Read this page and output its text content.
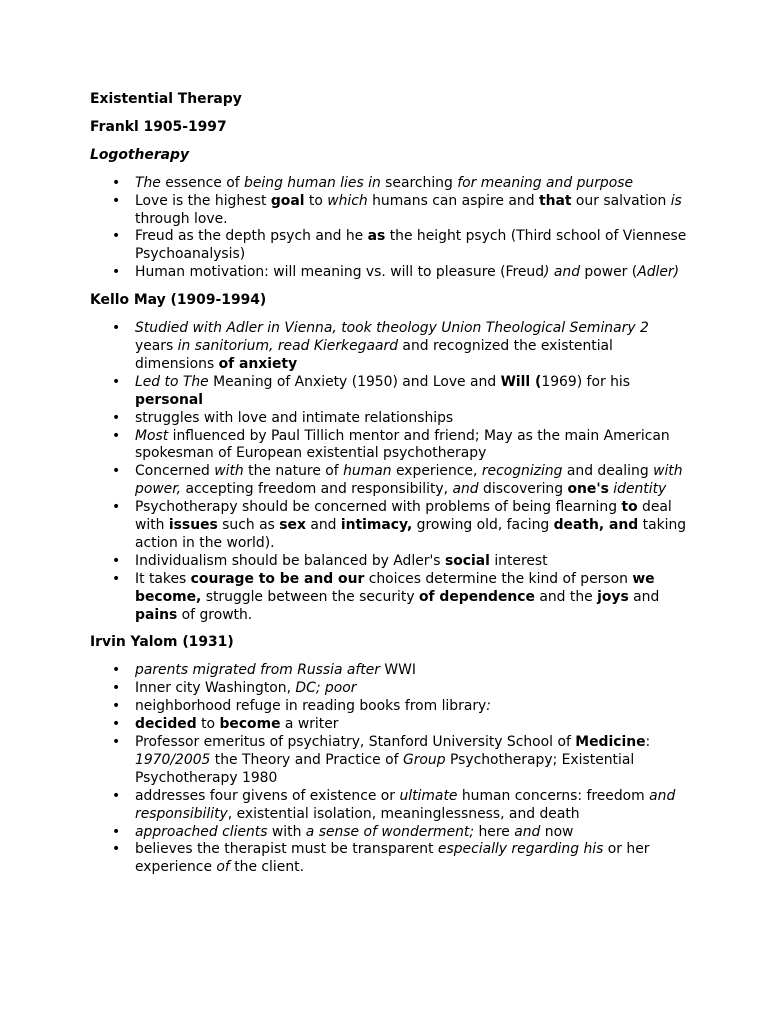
Existential Therapy
Frankl 1905-1997
Logotherapy
• The essence of being human lies in searching for meaning and purpose
• Love is the highest goal to which humans can aspire and that our salvation is through love.
• Freud as the depth psych and he as the height psych (Third school of Viennese Psychoanalysis)
• Human motivation: will meaning vs. will to pleasure (Freud) and power (Adler)
Kello May (1909-1994)
• Studied with Adler in Vienna, took theology Union Theological Seminary 2 years in sanitorium, read Kierkegaard and recognized the existential dimensions of anxiety
• Led to The Meaning of Anxiety (1950) and Love and Will (1969) for his personal
• struggles with love and intimate relationships
• Most influenced by Paul Tillich mentor and friend; May as the main American spokesman of European existential psychotherapy
• Concerned with the nature of human experience, recognizing and dealing with power, accepting freedom and responsibility, and discovering one's identity
• Psychotherapy should be concerned with problems of being flearning to deal with issues such as sex and intimacy, growing old, facing death, and taking action in the world).
• Individualism should be balanced by Adler's social interest
• It takes courage to be and our choices determine the kind of person we become, struggle between the security of dependence and the joys and pains of growth.
Irvin Yalom (1931)
• parents migrated from Russia after WWI
• Inner city Washington, DC; poor
• neighborhood refuge in reading books from library:
• decided to become a writer
• Professor emeritus of psychiatry, Stanford University School of Medicine: 1970/2005 the Theory and Practice of Group Psychotherapy; Existential Psychotherapy 1980
• addresses four givens of existence or ultimate human concerns: freedom and responsibility, existential isolation, meaninglessness, and death
• approached clients with a sense of wonderment; here and now
• believes the therapist must be transparent especially regarding his or her experience of the client.
